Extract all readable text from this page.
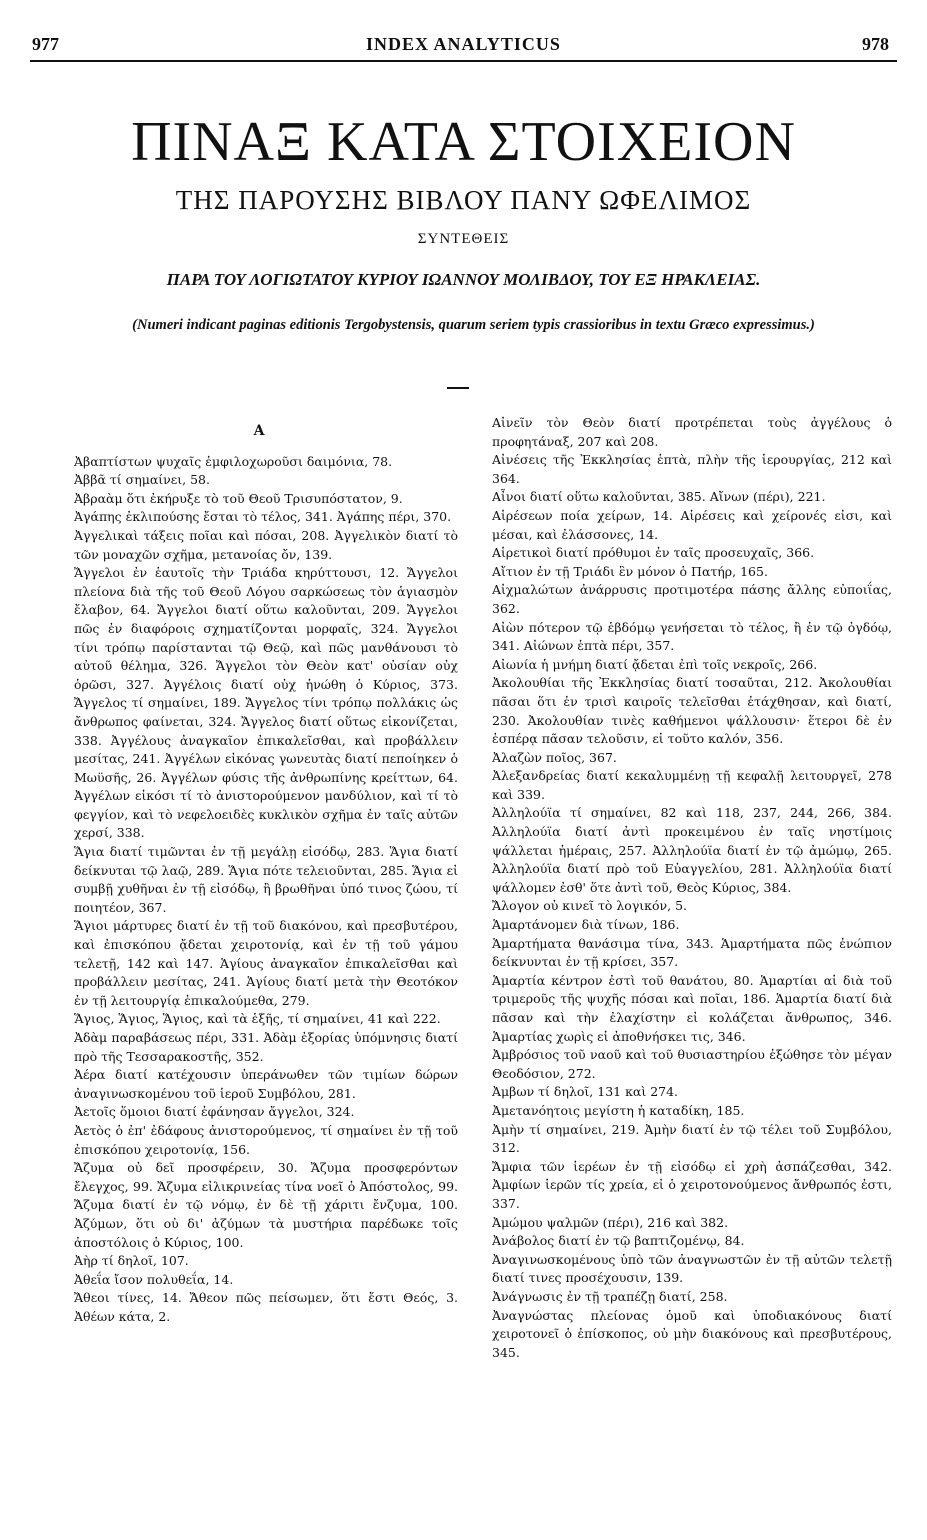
977	INDEX ANALYTICUS	978
ΠΙΝΑΞ ΚΑΤΑ ΣΤΟΙΧΕΙΟΝ
ΤΗΣ ΠΑΡΟΥΣΗΣ ΒΙΒΛΟΥ ΠΑΝΥ ΩΦΕΛΙΜΟΣ
ΣΥΝΤΕΘΕΙΣ
ΠΑΡΑ ΤΟΥ ΛΟΓΙΩΤΑΤΟΥ ΚΥΡΙΟΥ ΙΩΑΝΝΟΥ ΜΟΛΙΒΔΟΥ, ΤΟΥ ΕΞ ΗΡΑΚΛΕΙΑΣ.
(Numeri indicant paginas editionis Tergobystensis, quarum seriem typis crassioribus in textu Græco expressimus.)
Α

Ἀβαπτίστων ψυχαῖς ἐμφιλοχωροῦσι δαιμόνια, 78.

Ἀββᾶ τί σημαίνει, 58.

Ἀβραὰμ ὅτι ἐκήρυξε τὸ τοῦ Θεοῦ Τρισυπόστατον, 9.

Ἀγάπης ἐκλιπούσης ἔσται τὸ τέλος, 341. Ἀγάπης πέρι, 370.

Ἀγγελικαὶ τάξεις ποῖαι καὶ πόσαι, 208. Ἀγγελικὸν διατί τὸ τῶν μοναχῶν σχῆμα, μετανοίας ὄν, 139.

Ἄγγελοι ἐν ἑαυτοῖς τὴν Τριάδα κηρύττουσι, 12. Ἄγγελοι πλείονα διὰ τῆς τοῦ Θεοῦ Λόγου σαρκώσεως τὸν ἁγιασμὸν ἔλαβον, 64. Ἄγγελοι διατί οὕτω καλοῦνται, 209. Ἄγγελοι πῶς ἐν διαφόροις σχηματίζονται μορφαῖς, 324. Ἄγγελοι τίνι τρόπῳ παρίστανται τῷ Θεῷ, καὶ πῶς μανθάνουσι τὸ αὐτοῦ θέλημα, 326. Ἄγγελοι τὸν Θεὸν κατ' οὐσίαν οὐχ ὁρῶσι, 327. Ἀγγέλοις διατί οὐχ ἡνώθη ὁ Κύριος, 373. Ἄγγελος τί σημαίνει, 189. Ἄγγελος τίνι τρόπῳ πολλάκις ὡς ἄνθρωπος φαίνεται, 324. Ἄγγελος διατί οὕτως εἰκονίζεται, 338. Ἀγγέλους ἀναγκαῖον ἐπικαλεῖσθαι, καὶ προβάλλειν μεσίτας, 241. Ἀγγέλων εἰκόνας γωνευτὰς διατί πεποίηκεν ὁ Μωϋσῆς, 26. Ἀγγέλων φύσις τῆς ἀνθρωπίνης κρείττων, 64. Ἀγγέλων εἰκόσι τί τὸ ἀνιστορούμενον μανδύλιον, καὶ τί τὸ φεγγίον, καὶ τὸ νεφελοειδὲς κυκλικὸν σχῆμα ἐν ταῖς αὐτῶν χερσί, 338.

Ἅγια διατί τιμῶνται ἐν τῇ μεγάλῃ εἰσόδῳ, 283. Ἅγια διατί δείκνυται τῷ λαῷ, 289. Ἅγια πότε τελειοῦνται, 285. Ἅγια εἰ συμβῇ χυθῆναι ἐν τῇ εἰσόδῳ, ἢ βρωθῆναι ὑπό τινος ζώου, τί ποιητέον, 367.

Ἅγιοι μάρτυρες διατί ἐν τῇ τοῦ διακόνου, καὶ πρεσβυτέρου, καὶ ἐπισκόπου ᾄδεται χειροτονίᾳ, καὶ ἐν τῇ τοῦ γάμου τελετῇ, 142 καὶ 147. Ἁγίους ἀναγκαῖον ἐπικαλεῖσθαι καὶ προβάλλειν μεσίτας, 241. Ἁγίους διατί μετὰ τὴν Θεοτόκον ἐν τῇ λειτουργίᾳ ἐπικαλούμεθα, 279.

Ἅγιος, Ἅγιος, Ἅγιος, καὶ τὰ ἑξῆς, τί σημαίνει, 41 καὶ 222.

Ἀδὰμ παραβάσεως πέρι, 331. Ἀδὰμ ἐξορίας ὑπόμνησις διατί πρὸ τῆς Τεσσαρακοστῆς, 352.

Ἀέρα διατί κατέχουσιν ὑπεράνωθεν τῶν τιμίων δώρων ἀναγινωσκομένου τοῦ ἱεροῦ Συμβόλου, 281.

Ἀετοῖς ὅμοιοι διατί ἐφάνησαν ἄγγελοι, 324.

Ἀετὸς ὁ ἐπ' ἐδάφους ἀνιστορούμενος, τί σημαίνει ἐν τῇ τοῦ ἐπισκόπου χειροτονίᾳ, 156.

Ἄζυμα οὐ δεῖ προσφέρειν, 30. Ἄζυμα προσφερόντων ἔλεγχος, 99. Ἄζυμα εἰλικρινείας τίνα νοεῖ ὁ Ἀπόστολος, 99. Ἄζυμα διατί ἐν τῷ νόμῳ, ἐν δὲ τῇ χάριτι ἔνζυμα, 100. Ἀζύμων, ὅτι οὐ δι' ἀζύμων τὰ μυστήρια παρέδωκε τοῖς ἀποστόλοις ὁ Κύριος, 100.

Ἀὴρ τί δηλοῖ, 107.

Ἀθεΐα ἴσον πολυθεΐα, 14.

Ἄθεοι τίνες, 14. Ἄθεον πῶς πείσωμεν, ὅτι ἔστι Θεός, 3. Ἀθέων κάτα, 2.

Αἰνεῖν τὸν Θεὸν διατί προτρέπεται τοὺς ἀγγέλους ὁ προφητάναξ, 207 καὶ 208.

Αἰνέσεις τῆς Ἐκκλησίας ἑπτὰ, πλὴν τῆς ἱερουργίας, 212 καὶ 364.

Αἶνοι διατί οὕτω καλοῦνται, 385. Αἴνων (πέρι), 221.

Αἱρέσεων ποία χείρων, 14. Αἱρέσεις καὶ χείρονές εἰσι, καὶ μέσαι, καὶ ἐλάσσονες, 14.

Αἱρετικοὶ διατί πρόθυμοι ἐν ταῖς προσευχαῖς, 366.

Αἴτιον ἐν τῇ Τριάδι ἓν μόνον ὁ Πατήρ, 165.

Αἰχμαλώτων ἀνάρρυσις προτιμοτέρα πάσης ἄλλης εὐποιΐας, 362.

Αἰὼν πότερον τῷ ἑβδόμῳ γενήσεται τὸ τέλος, ἢ ἐν τῷ ὀγδόῳ, 341. Αἰώνων ἑπτὰ πέρι, 357.

Αἰωνία ἡ μνήμη διατί ᾄδεται ἐπὶ τοῖς νεκροῖς, 266.

Ἀκολουθίαι τῆς Ἐκκλησίας διατί τοσαῦται, 212. Ἀκολουθίαι πᾶσαι ὅτι ἐν τρισὶ καιροῖς τελεῖσθαι ἐτάχθησαν, καὶ διατί, 230. Ἀκολουθίαν τινὲς καθήμενοι ψάλλουσιν· ἕτεροι δὲ ἐν ἑσπέρᾳ πᾶσαν τελοῦσιν, εἰ τοῦτο καλόν, 356.

Ἀλαζὼν ποῖος, 367.

Ἀλεξανδρείας διατί κεκαλυμμένῃ τῇ κεφαλῇ λειτουργεῖ, 278 καὶ 339.

Ἀλληλούϊα τί σημαίνει, 82 καὶ 118, 237, 244, 266, 384. Ἀλληλούϊα διατί ἀντὶ προκειμένου ἐν ταῖς νηστίμοις ψάλλεται ἡμέραις, 257. Ἀλληλούϊα διατί ἐν τῷ ἀμώμῳ, 265. Ἀλληλούϊα διατί πρὸ τοῦ Εὐαγγελίου, 281. Ἀλληλούϊα διατί ψάλλομεν ἐσθ' ὅτε ἀντὶ τοῦ, Θεὸς Κύριος, 384.

Ἄλογον οὐ κινεῖ τὸ λογικόν, 5.

Ἁμαρτάνομεν διὰ τίνων, 186.

Ἁμαρτήματα θανάσιμα τίνα, 343. Ἁμαρτήματα πῶς ἐνώπιον δείκνυνται ἐν τῇ κρίσει, 357.

Ἁμαρτία κέντρον ἐστὶ τοῦ θανάτου, 80. Ἁμαρτίαι αἱ διὰ τοῦ τριμεροῦς τῆς ψυχῆς πόσαι καὶ ποῖαι, 186. Ἁμαρτία διατί διὰ πᾶσαν καὶ τὴν ἐλαχίστην εἰ κολάζεται ἄνθρωπος, 346. Ἁμαρτίας χωρὶς εἰ ἀποθνήσκει τις, 346.

Ἀμβρόσιος τοῦ ναοῦ καὶ τοῦ θυσιαστηρίου ἐξώθησε τὸν μέγαν Θεοδόσιον, 272.

Ἀμβων τί δηλοῖ, 131 καὶ 274.

Ἀμετανόητοις μεγίστη ἡ καταδίκη, 185.

Ἀμὴν τί σημαίνει, 219. Ἀμὴν διατί ἐν τῷ τέλει τοῦ Συμβόλου, 312.

Ἄμφια τῶν ἱερέων ἐν τῇ εἰσόδῳ εἰ χρὴ ἀσπάζεσθαι, 342. Ἀμφίων ἱερῶν τίς χρεία, εἰ ὁ χειροτονούμενος ἄνθρωπός ἐστι, 337.

Ἀμώμου ψαλμῶν (πέρι), 216 καὶ 382.

Ἀνάβολος διατί ἐν τῷ βαπτιζομένῳ, 84.

Ἀναγινωσκομένους ὑπὸ τῶν ἀναγνωστῶν ἐν τῇ αὐτῶν τελετῇ διατί τινες προσέχουσιν, 139.

Ἀνάγνωσις ἐν τῇ τραπέζῃ διατί, 258.

Ἀναγνώστας πλείονας ὁμοῦ καὶ ὑποδιακόνους διατί χειροτονεῖ ὁ ἐπίσκοπος, οὐ μὴν διακόνους καὶ πρεσβυτέρους, 345.
